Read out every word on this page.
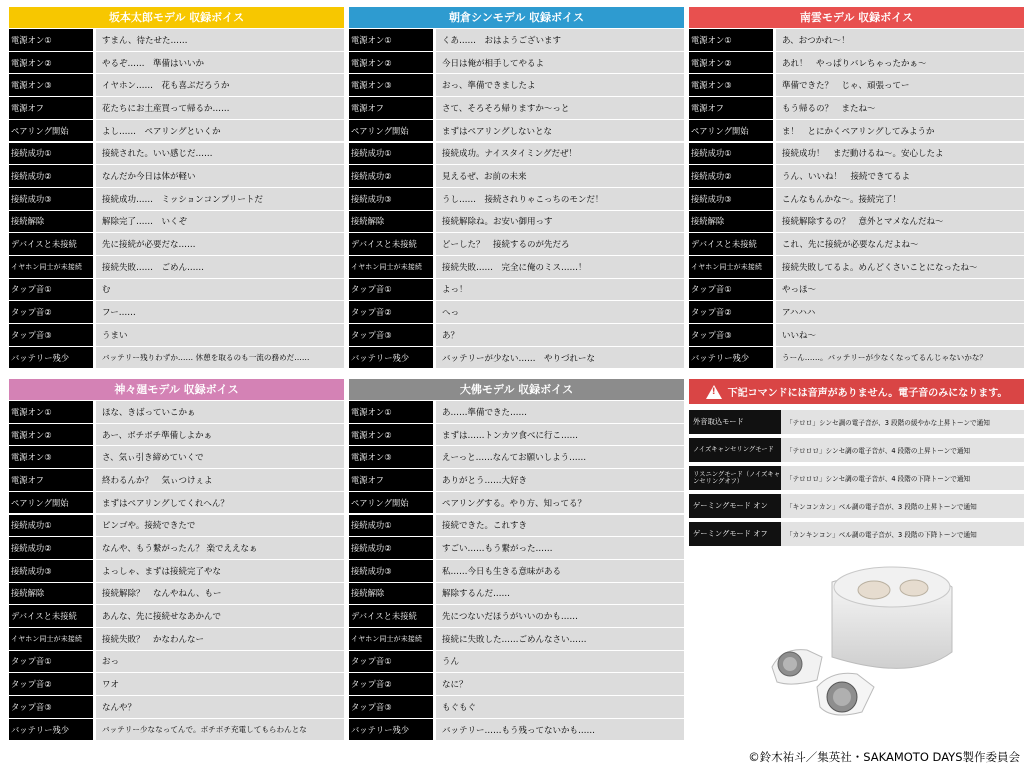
坂本太郎モデル 収録ボイス
電源オン①	すまん、待たせた……
電源オン②	やるぞ……　準備はいいか
電源オン③	イヤホン……　花も喜ぶだろうか
電源オフ	花たちにお土産買って帰るか……
ペアリング開始	よし……　ペアリングといくか
接続成功①	接続された。いい感じだ……
接続成功②	なんだか今日は体が軽い
接続成功③	接続成功……　ミッションコンプリートだ
接続解除	解除完了……　いくぞ
デバイスと未接続	先に接続が必要だな……
イヤホン同士が未接続	接続失敗……　ごめん……
タップ音①	む
タップ音②	フー……
タップ音③	うまい
バッテリー残少	バッテリー残りわずか…… 休憩を取るのも一流の務めだ……
朝倉シンモデル 収録ボイス
電源オン①	くあ……　おはようございます
電源オン②	今日は俺が相手してやるよ
電源オン③	おっ、準備できましたよ
電源オフ	さて、そろそろ帰りますか〜っと
ペアリング開始	まずはペアリングしないとな
接続成功①	接続成功。ナイスタイミングだぜ！
接続成功②	見えるぜ、お前の未来
接続成功③	うし……　接続されりゃこっちのモンだ！
接続解除	接続解除ね。お安い御用っす
デバイスと未接続	どーした？　接続するのが先だろ
イヤホン同士が未接続	接続失敗……　完全に俺のミス……！
タップ音①	よっ！
タップ音②	へっ
タップ音③	あ？
バッテリー残少	バッテリーが少ない……　やりづれーな
南雲モデル 収録ボイス
電源オン①	あ、おつかれ〜！
電源オン②	あれ！　やっぱりバレちゃったかぁ〜
電源オン③	準備できた？　じゃ、頑張ってー
電源オフ	もう帰るの？　またね〜
ペアリング開始	ま！　とにかくペアリングしてみようか
接続成功①	接続成功！　まだ動けるね〜。安心したよ
接続成功②	うん、いいね！　接続できてるよ
接続成功③	こんなもんかな〜。接続完了！
接続解除	接続解除するの？　意外とマメなんだね〜
デバイスと未接続	これ、先に接続が必要なんだよね〜
イヤホン同士が未接続	接続失敗してるよ。めんどくさいことになったね〜
タップ音①	やっほ〜
タップ音②	アハハハ
タップ音③	いいね〜
バッテリー残少	うーん……。バッテリーが少なくなってるんじゃないかな？
神々廻モデル 収録ボイス
電源オン①	ほな、きばっていこかぁ
電源オン②	あー、ボチボチ準備しよかぁ
電源オン③	さ、気ぃ引き締めていくで
電源オフ	終わるんか？　気ぃつけぇよ
ペアリング開始	まずはペアリングしてくれへん？
接続成功①	ピンゴや。接続できたで
接続成功②	なんや、もう繋がったん？ 楽でええなぁ
接続成功③	よっしゃ、まずは接続完了やな
接続解除	接続解除？　なんやねん、もー
デバイスと未接続	あんな、先に接続せなあかんで
イヤホン同士が未接続	接続失敗？　かなわんなー
タップ音①	おっ
タップ音②	ワオ
タップ音③	なんや？
バッテリー残少	バッテリー少ななってんで。ボチボチ充電してもらわんとな
大佛モデル 収録ボイス
電源オン①	あ……準備できた……
電源オン②	まずは……トンカツ食べに行こ……
電源オン③	えーっと……なんてお願いしよう……
電源オフ	ありがとう……大好き
ペアリング開始	ペアリングする。やり方、知ってる？
接続成功①	接続できた。これすき
接続成功②	すごい……もう繋がった……
接続成功③	私……今日も生きる意味がある
接続解除	解除するんだ……
デバイスと未接続	先につないだほうがいいのかも……
イヤホン同士が未接続	接続に失敗した……ごめんなさい……
タップ音①	うん
タップ音②	なに？
タップ音③	もぐもぐ
バッテリー残少	バッテリー……もう残ってないかも……
! 下記コマンドには音声がありません。電子音のみになります。
外音取込モード	「テロロ」シンセ調の電子音が、3 段階の緩やかな上昇トーンで通知
ノイズキャンセリングモード	「テロロロ」シンセ調の電子音が、4 段階の上昇トーンで通知
リスニングモード（ノイズキャンセリングオフ）	「テロロロ」シンセ調の電子音が、4 段階の下降トーンで通知
ゲーミングモード オン	「キンコンカン」ベル調の電子音が、3 段階の上昇トーンで通知
ゲーミングモード オフ	「カンキンコン」ベル調の電子音が、3 段階の下降トーンで通知
©鈴木祐斗／集英社・SAKAMOTO DAYS製作委員会
